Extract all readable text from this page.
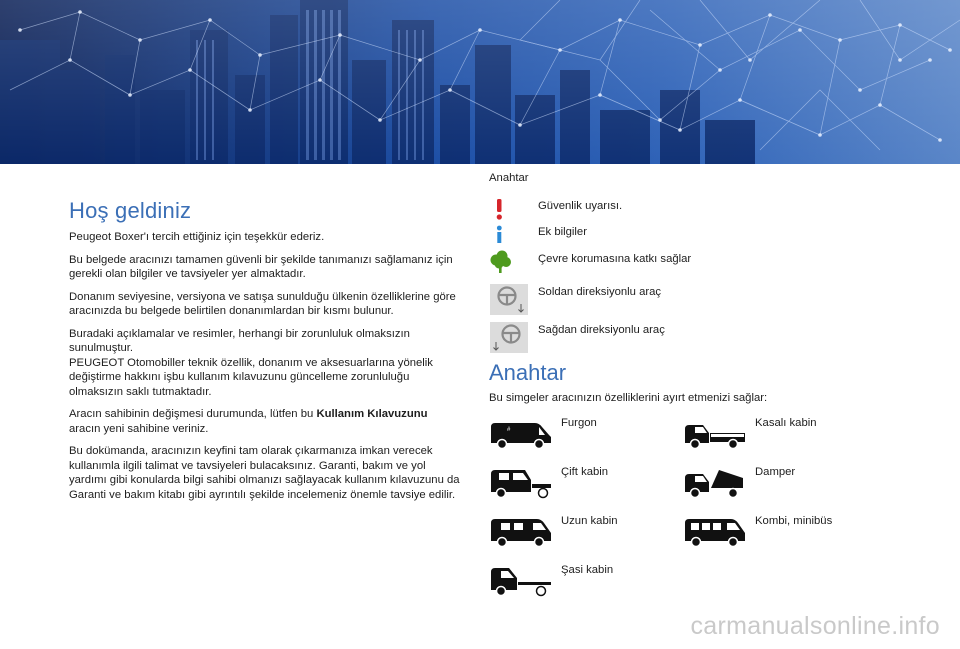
Hoş geldiniz

Peugeot Boxer'ı tercih ettiğiniz için teşekkür ederiz.

Bu belgede aracınızı tamamen güvenli bir şekilde tanımanızı sağlamanız için gerekli olan bilgiler ve tavsiyeler yer almaktadır.

Donanım seviyesine, versiyona ve satışa sunulduğu ülkenin özelliklerine göre aracınızda bu belgede belirtilen donanımlardan bir kısmı bulunur.

Buradaki açıklamalar ve resimler, herhangi bir zorunluluk olmaksızın sunulmuştur.
PEUGEOT Otomobiller teknik özellik, donanım ve aksesuarlarına yönelik değiştirme hakkını işbu kullanım kılavuzunu güncelleme zorunluluğu olmaksızın saklı tutmaktadır.

Aracın sahibinin değişmesi durumunda, lütfen bu Kullanım Kılavuzunu aracın yeni sahibine veriniz.

Bu dokümanda, aracınızın keyfini tam olarak çıkarmanıza imkan verecek kullanımla ilgili talimat ve tavsiyeleri bulacaksınız. Garanti, bakım ve yol yardımı gibi konularda bilgi sahibi olmanızı sağlayacak kullanım kılavuzunu da Garanti ve bakım kitabı gibi ayrıntılı şekilde incelemeniz önemle tavsiye edilir.

Anahtar
Güvenlik uyarısı.
Ek bilgiler
Çevre korumasına katkı sağlar
Soldan direksiyonlu araç
Sağdan direksiyonlu araç
Anahtar
Bu simgeler aracınızın özelliklerini ayırt etmenizi sağlar:
#
Furgon	Kasalı kabin
Çift kabin	Damper
Uzun kabin	Kombi, minibüs
Şasi kabin
carmanualsonline.info
